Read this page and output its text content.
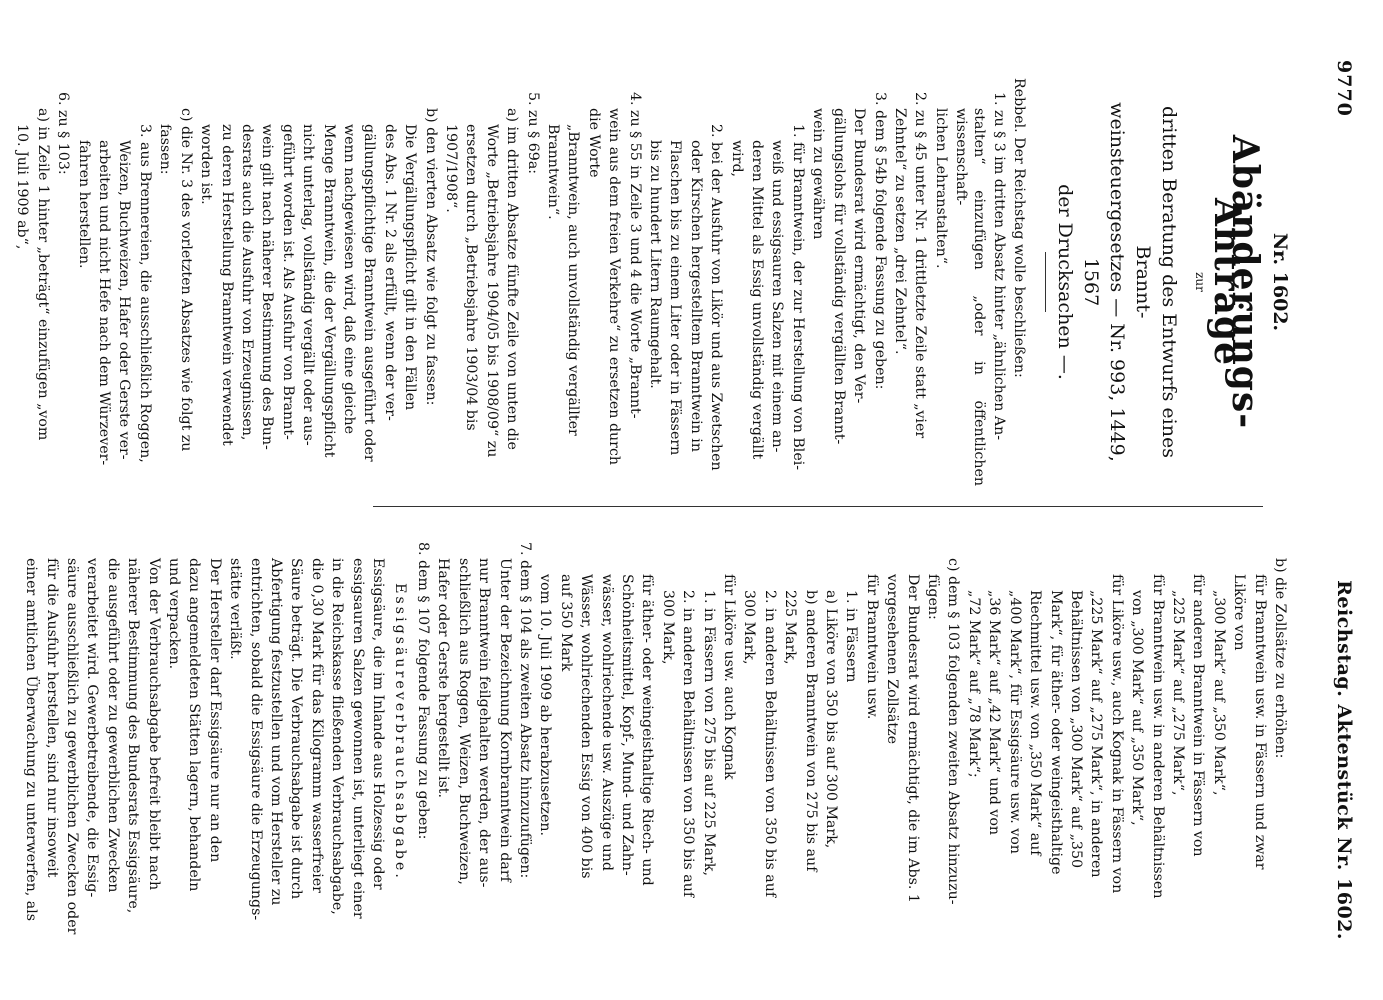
9770
Reichstag. Aktenstück Nr. 1602.
Nr. 1602.
Abänderungs-Anträge
zur
dritten Beratung des Entwurfs eines Brannt-
weinsteuergesetzes — Nr. 993, 1449, 1567
der Drucksachen —.

Rebbel. Der Reichstag wolle beschließen:

1. zu § 3 im dritten Absatz hinter „ähnlichen An-

stalten“ einzufügen „oder in öffentlichen wissenschaft-

lichen Lehranstalten“.

2. zu § 45 unter Nr. 1 drittletzte Zeile statt „vier

Zehntel“ zu setzen „drei Zehntel“.

3. dem § 54b folgende Fassung zu geben:

Der Bundesrat wird ermächtigt, den Ver-

gällungslohs für vollständig vergällten Brannt-

wein zu gewähren

1. für Branntwein, der zur Herstellung von Blei-

weiß und essigsauren Salzen mit einem an-

deren Mittel als Essig unvollständig vergällt

wird,

2. bei der Ausfuhr von Likör und aus Zwetschen

oder Kirschen hergestelltem Branntwein in

Flaschen bis zu einem Liter oder in Fässern

bis zu hundert Litern Raumgehalt.

4. zu § 55 in Zeile 3 und 4 die Worte „Brannt-

wein aus dem freien Verkehre“ zu ersetzen durch

die Worte

„Branntwein, auch unvollständig vergällter

Branntwein“.

5. zu § 69a:

a) im dritten Absatze fünfte Zeile von unten die

Worte „Betriebsjahre 1904/05 bis 1908/09“ zu

ersetzen durch „Betriebsjahre 1903/04 bis

1907/1908“.

b) den vierten Absatz wie folgt zu fassen:

Die Vergällungspflicht gilt in den Fällen

des Abs. 1 Nr. 2 als erfüllt, wenn der ver-

gällungspflichtige Branntwein ausgeführt oder

wenn nachgewiesen wird, daß eine gleiche

Menge Branntwein, die der Vergällungspflicht

nicht unterlag, vollständig vergällt oder aus-

geführt worden ist. Als Ausfuhr von Brannt-

wein gilt nach näherer Bestimmung des Bun-

desrats auch die Ausfuhr von Erzeugnissen,

zu deren Herstellung Branntwein verwendet

worden ist.

c) die Nr. 3 des vorletzten Absatzes wie folgt zu

fassen:

3. aus Brennereien, die ausschließlich Roggen,

Weizen, Buchweizen, Hafer oder Gerste ver-

arbeiten und nicht Hefe nach dem Würzever-

fahren herstellen.

6. zu § 103:

a) in Zeile 1 hinter „beträgt“ einzufügen „vom

10. Juli 1909 ab“,

b) die Zollsätze zu erhöhen:

für Branntwein usw. in Fässern und zwar

Liköre von

„300 Mark“ auf „350 Mark“,

für anderen Branntwein in Fässern von

„225 Mark“ auf „275 Mark“,

für Branntwein usw. in anderen Behältnissen

von „300 Mark“ auf „350 Mark“,

für Liköre usw., auch Kognak in Fässern von

„225 Mark“ auf „275 Mark“, in anderen

Behältnissen von „300 Mark“ auf „350

Mark“, für äther- oder weingeisthaltige

Riechmittel usw. von „350 Mark“ auf

„400 Mark“, für Essigsäure usw. von

„36 Mark“ auf „42 Mark“ und von

„72 Mark“ auf „78 Mark“;

c) dem § 103 folgenden zweiten Absatz hinzuzu-

fügen:

Der Bundesrat wird ermächtigt, die im Abs. 1

vorgesehenen Zollsätze

für Branntwein usw.

1. in Fässern

a) Liköre von 350 bis auf 300 Mark,

b) anderen Branntwein von 275 bis auf

225 Mark,

2. in anderen Behältnissen von 350 bis auf

300 Mark,

für Liköre usw. auch Kognak

1. in Fässern von 275 bis auf 225 Mark,

2. in anderen Behältnissen von 350 bis auf

300 Mark,

für äther- oder weingeisthaltige Riech- und

Schönheitsmittel, Kopf-, Mund- und Zahn-

wässer, wohlriechende usw. Auszüge und

Wässer, wohlriechenden Essig von 400 bis

auf 350 Mark

vom 10. Juli 1909 ab herabzusetzen.

7. dem § 104 als zweiten Absatz hinzuzufügen:

Unter der Bezeichnung Kornbranntwein darf

nur Branntwein feilgehalten werden, der aus-

schließlich aus Roggen, Weizen, Buchweizen,

Hafer oder Gerste hergestellt ist.

8. dem § 107 folgende Fassung zu geben:

Essigsäureverbrauchsabgabe.

Essigsäure, die im Inlande aus Holzessig oder

essigsauren Salzen gewonnen ist, unterliegt einer

in die Reichskasse fließenden Verbrauchsabgabe,

die 0,30 Mark für das Kilogramm wasserfreier

Säure beträgt. Die Verbrauchsabgabe ist durch

Abfertigung festzustellen und vom Hersteller zu

entrichten, sobald die Essigsäure die Erzeugungs-

stätte verläßt.

Der Hersteller darf Essigsäure nur an den

dazu angemeldeten Stätten lagern, behandeln

und verpacken.

Von der Verbrauchsabgabe befreit bleibt nach

näherer Bestimmung des Bundesrats Essigsäure,

die ausgeführt oder zu gewerblichen Zwecken

verarbeitet wird. Gewerbetreibende, die Essig-

säure ausschließlich zu gewerblichen Zwecken oder

für die Ausfuhr herstellen, sind nur insoweit

einer amtlichen Überwachung zu unterwerfen, als
